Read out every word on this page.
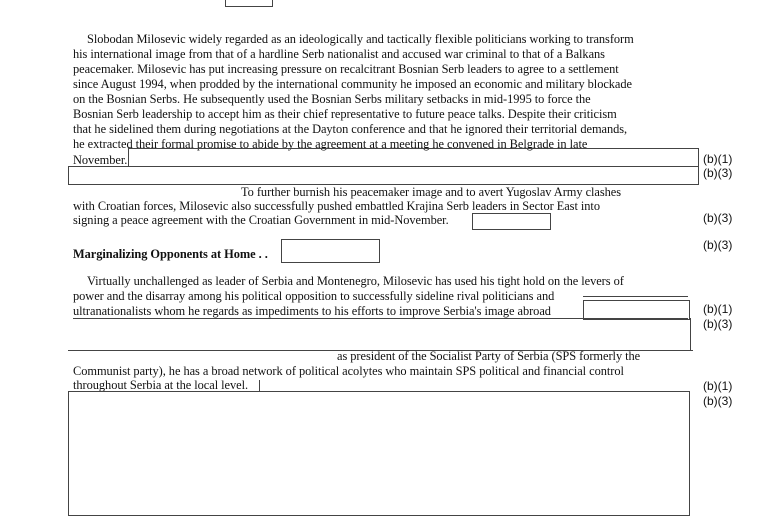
Slobodan Milosevic widely regarded as an ideologically and tactically flexible politicians working to transform
his international image from that of a hardline Serb nationalist and accused war criminal to that of a Balkans
peacemaker. Milosevic has put increasing pressure on recalcitrant Bosnian Serb leaders to agree to a settlement
since August 1994, when prodded by the international community he imposed an economic and military blockade
on the Bosnian Serbs. He subsequently used the Bosnian Serbs military setbacks in mid-1995 to force the
Bosnian Serb leadership to accept him as their chief representative to future peace talks. Despite their criticism
that he sidelined them during negotiations at the Dayton conference and that he ignored their territorial demands,
he extracted their formal promise to abide by the agreement at a meeting he convened in Belgrade in late
November.	(b)(1)
(b)(3)
To further burnish his peacemaker image and to avert Yugoslav Army clashes
with Croatian forces, Milosevic also successfully pushed embattled Krajina Serb leaders in Sector East into
signing a peace agreement with the Croatian Government in mid-November.	(b)(3)
Marginalizing Opponents at Home . .
(b)(3)
Virtually unchallenged as leader of Serbia and Montenegro, Milosevic has used his tight hold on the levers of
power and the disarray among his political opposition to successfully sideline rival politicians and
ultranationalists whom he regards as impediments to his efforts to improve Serbia's image abroad	(b)(1)
(b)(3)
as president of the Socialist Party of Serbia (SPS formerly the
Communist party), he has a broad network of political acolytes who maintain SPS political and financial control
throughout Serbia at the local level.	(b)(1)
(b)(3)
